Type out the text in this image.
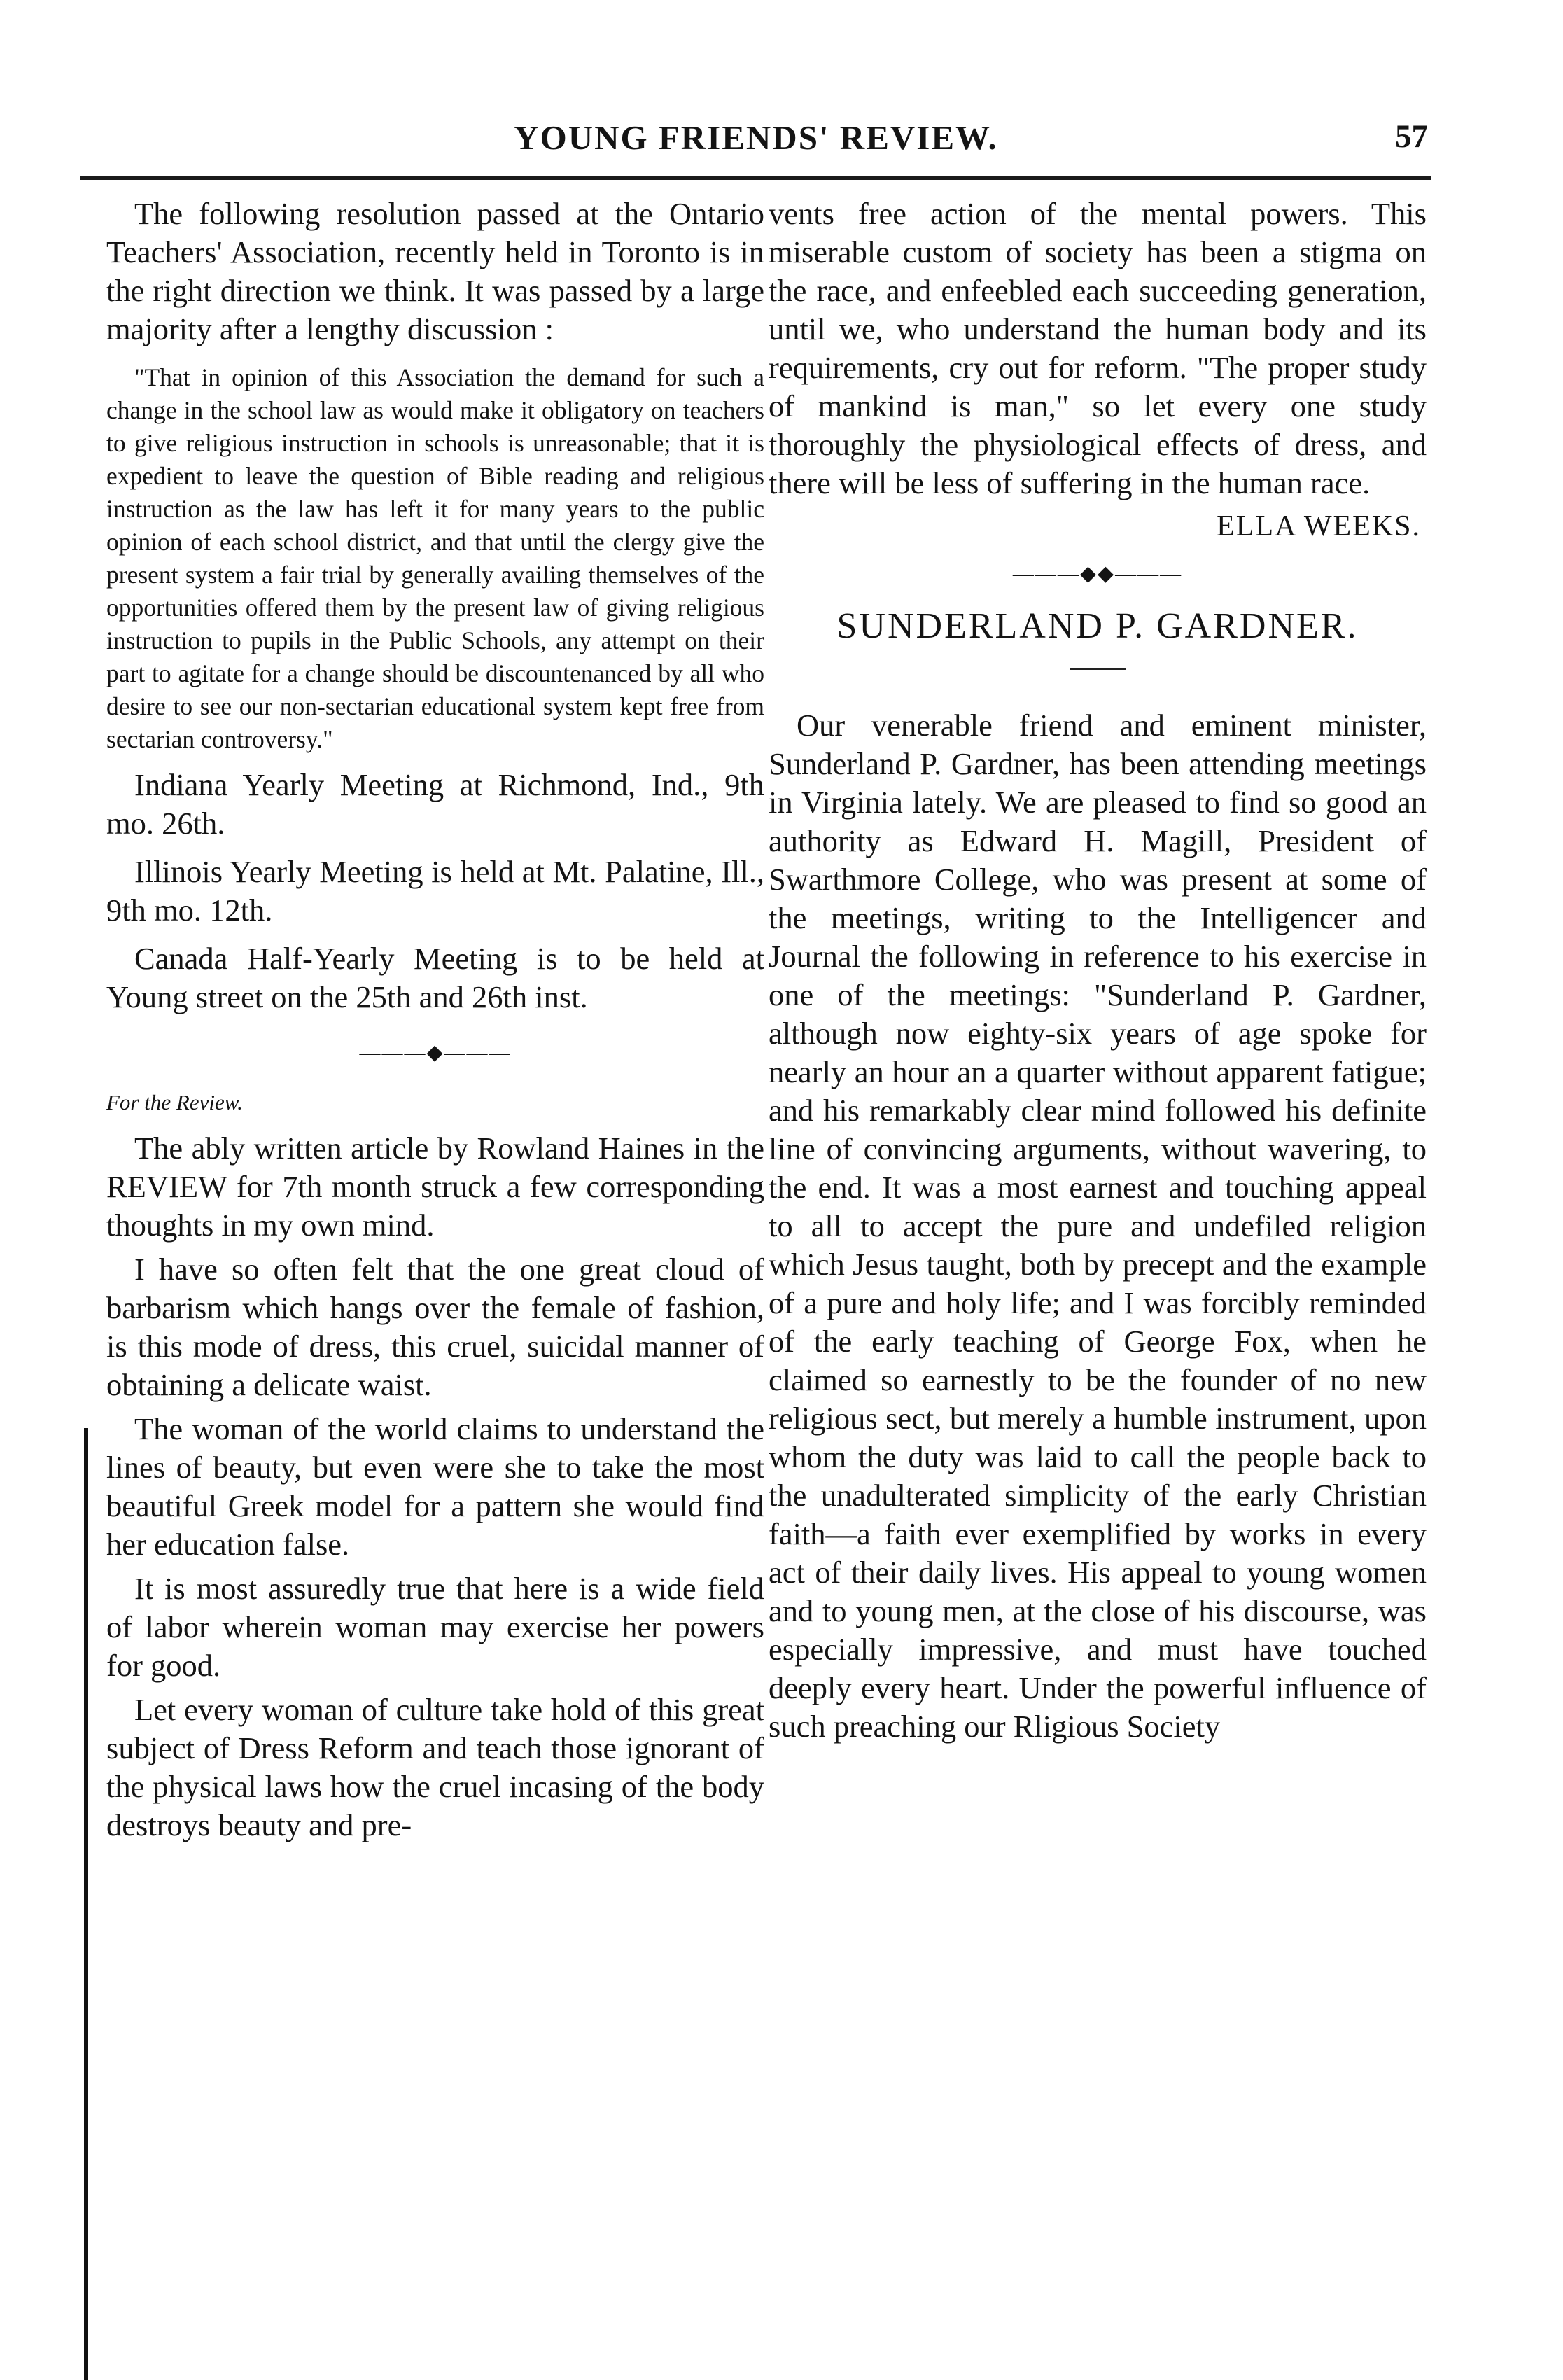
YOUNG FRIENDS' REVIEW.	57

The following resolution passed at the Ontario Teachers' Association, recently held in Toronto is in the right direction we think. It was passed by a large majority after a lengthy discussion :

"That in opinion of this Association the demand for such a change in the school law as would make it obligatory on teachers to give religious instruction in schools is unreasonable; that it is expedient to leave the question of Bible reading and religious instruction as the law has left it for many years to the public opinion of each school district, and that until the clergy give the present system a fair trial by generally availing themselves of the opportunities offered them by the present law of giving religious instruction to pupils in the Public Schools, any attempt on their part to agitate for a change should be discountenanced by all who desire to see our non-sectarian educational system kept free from sectarian controversy."

Indiana Yearly Meeting at Richmond, Ind., 9th mo. 26th.

Illinois Yearly Meeting is held at Mt. Palatine, Ill., 9th mo. 12th.

Canada Half-Yearly Meeting is to be held at Young street on the 25th and 26th inst.

———◆———
For the Review.

The ably written article by Rowland Haines in the REVIEW for 7th month struck a few corresponding thoughts in my own mind.

I have so often felt that the one great cloud of barbarism which hangs over the female of fashion, is this mode of dress, this cruel, suicidal manner of obtaining a delicate waist.

The woman of the world claims to understand the lines of beauty, but even were she to take the most beautiful Greek model for a pattern she would find her education false.

It is most assuredly true that here is a wide field of labor wherein woman may exercise her powers for good.

Let every woman of culture take hold of this great subject of Dress Reform and teach those ignorant of the physical laws how the cruel incasing of the body destroys beauty and pre-

vents free action of the mental powers. This miserable custom of society has been a stigma on the race, and enfeebled each succeeding generation, until we, who understand the human body and its requirements, cry out for reform. "The proper study of mankind is man," so let every one study thoroughly the physiological effects of dress, and there will be less of suffering in the human race.

ELLA WEEKS.
———◆◆———
SUNDERLAND P. GARDNER.

Our venerable friend and eminent minister, Sunderland P. Gardner, has been attending meetings in Virginia lately. We are pleased to find so good an authority as Edward H. Magill, President of Swarthmore College, who was present at some of the meetings, writing to the Intelligencer and Journal the following in reference to his exercise in one of the meetings: "Sunderland P. Gardner, although now eighty-six years of age spoke for nearly an hour an a quarter without apparent fatigue; and his remarkably clear mind followed his definite line of convincing arguments, without wavering, to the end. It was a most earnest and touching appeal to all to accept the pure and undefiled religion which Jesus taught, both by precept and the example of a pure and holy life; and I was forcibly reminded of the early teaching of George Fox, when he claimed so earnestly to be the founder of no new religious sect, but merely a humble instrument, upon whom the duty was laid to call the people back to the unadulterated simplicity of the early Christian faith—a faith ever exemplified by works in every act of their daily lives. His appeal to young women and to young men, at the close of his discourse, was especially impressive, and must have touched deeply every heart. Under the powerful influence of such preaching our Rligious Society
